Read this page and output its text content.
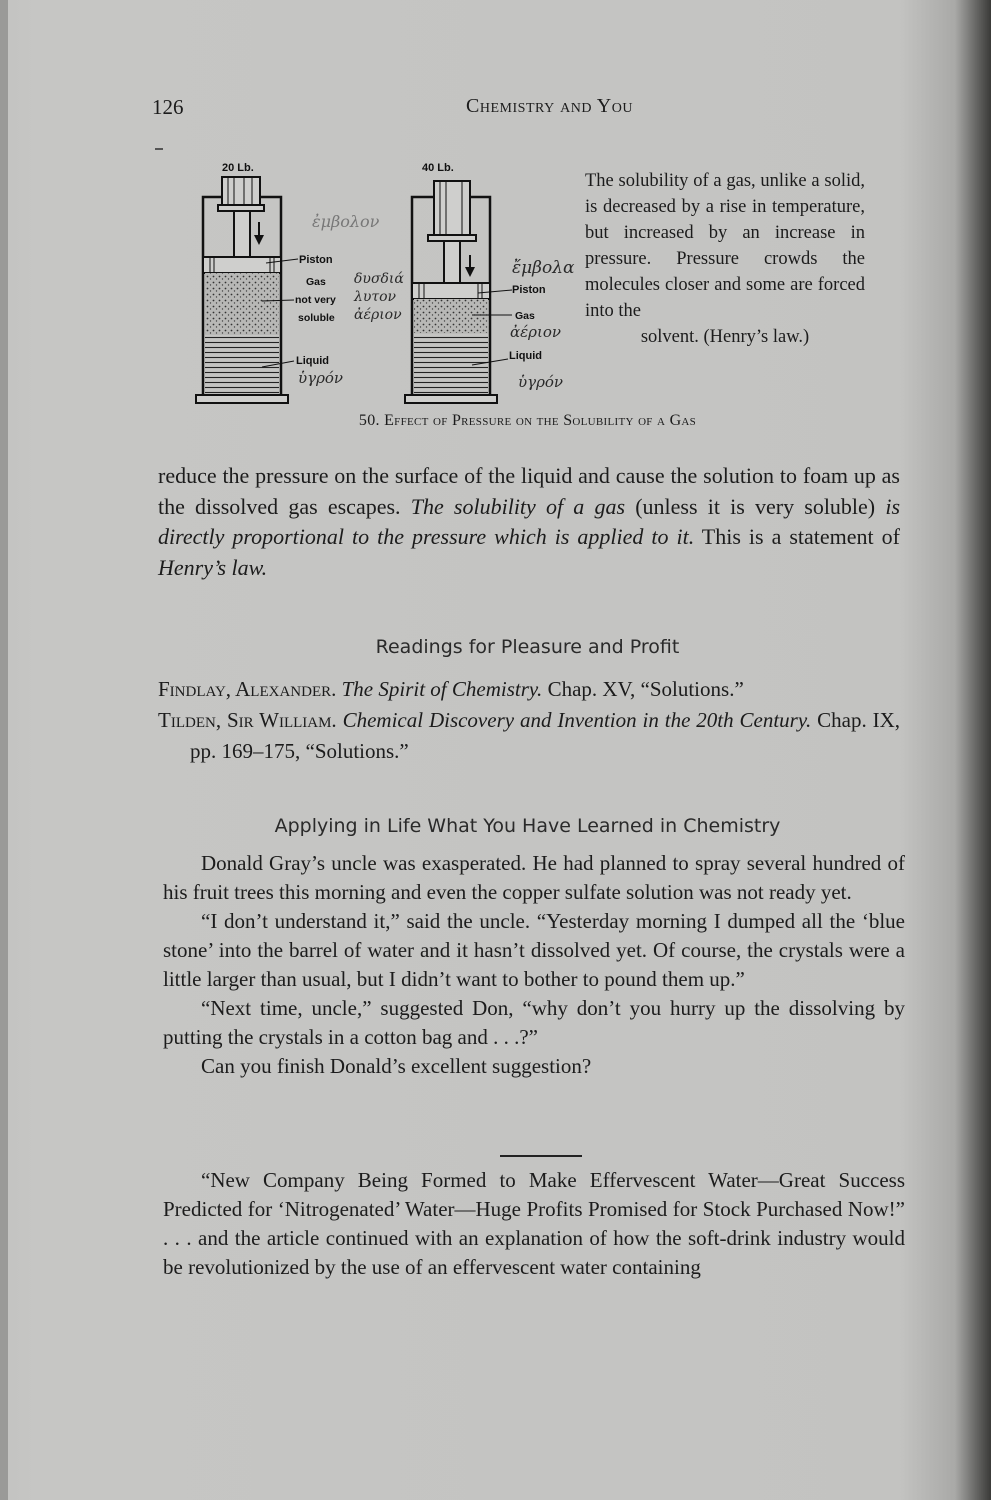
126	Chemistry and You
20 Lb.
Piston
Gas
not very
soluble
Liquid
ἐμβολον
δυσδιά
λυτον
ἀέριον
ὑγρόν
40 Lb.
Piston
Gas
Liquid
ἔμβολα
ἀέριον
ὑγρόν
The solubility of a gas, unlike a solid, is decreased by a rise in temperature, but increased by an increase in pressure. Pressure crowds the molecules closer and some are forced into the
solvent. (Henry’s law.)
50. Effect of Pressure on the Solubility of a Gas

reduce the pressure on the surface of the liquid and cause the solution to foam up as the dissolved gas escapes. The solubility of a gas (unless it is very soluble) is directly proportional to the pressure which is applied to it. This is a statement of Henry’s law.

Readings for Pleasure and Profit

Findlay, Alexander. The Spirit of Chemistry. Chap. XV, “Solutions.”

Tilden, Sir William. Chemical Discovery and Invention in the 20th Century. Chap. IX, pp. 169–175, “Solutions.”

Applying in Life What You Have Learned in Chemistry

Donald Gray’s uncle was exasperated. He had planned to spray several hundred of his fruit trees this morning and even the copper sulfate solution was not ready yet.

“I don’t understand it,” said the uncle. “Yesterday morning I dumped all the ‘blue stone’ into the barrel of water and it hasn’t dissolved yet. Of course, the crystals were a little larger than usual, but I didn’t want to bother to pound them up.”

“Next time, uncle,” suggested Don, “why don’t you hurry up the dissolving by putting the crystals in a cotton bag and . . .?”

Can you finish Donald’s excellent suggestion?

“New Company Being Formed to Make Effervescent Water—Great Success Predicted for ‘Nitrogenated’ Water—Huge Profits Promised for Stock Purchased Now!” . . . and the article continued with an explanation of how the soft-drink industry would be revolutionized by the use of an effervescent water containing
